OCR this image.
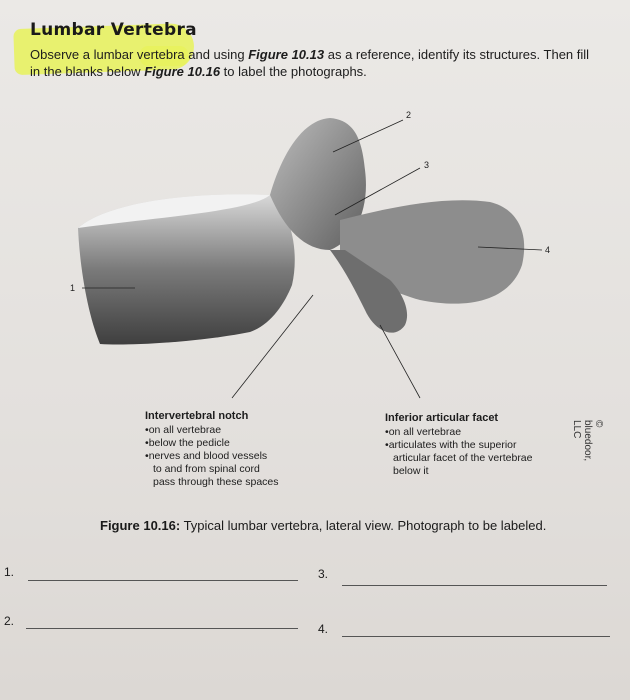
Lumbar Vertebra
Observe a lumbar vertebra and using Figure 10.13 as a reference, identify its structures. Then fill in the blanks below Figure 10.16 to label the photographs.
1
2
3
4
Intervertebral notch
• on all vertebrae
• below the pedicle
• nerves and blood vessels
to and from spinal cord
pass through these spaces
Inferior articular facet
• on all vertebrae
• articulates with the superior
articular facet of the vertebrae
below it
© bluedoor, LLC
Figure 10.16: Typical lumbar vertebra, lateral view. Photograph to be labeled.
1.	3.
2.
4.
